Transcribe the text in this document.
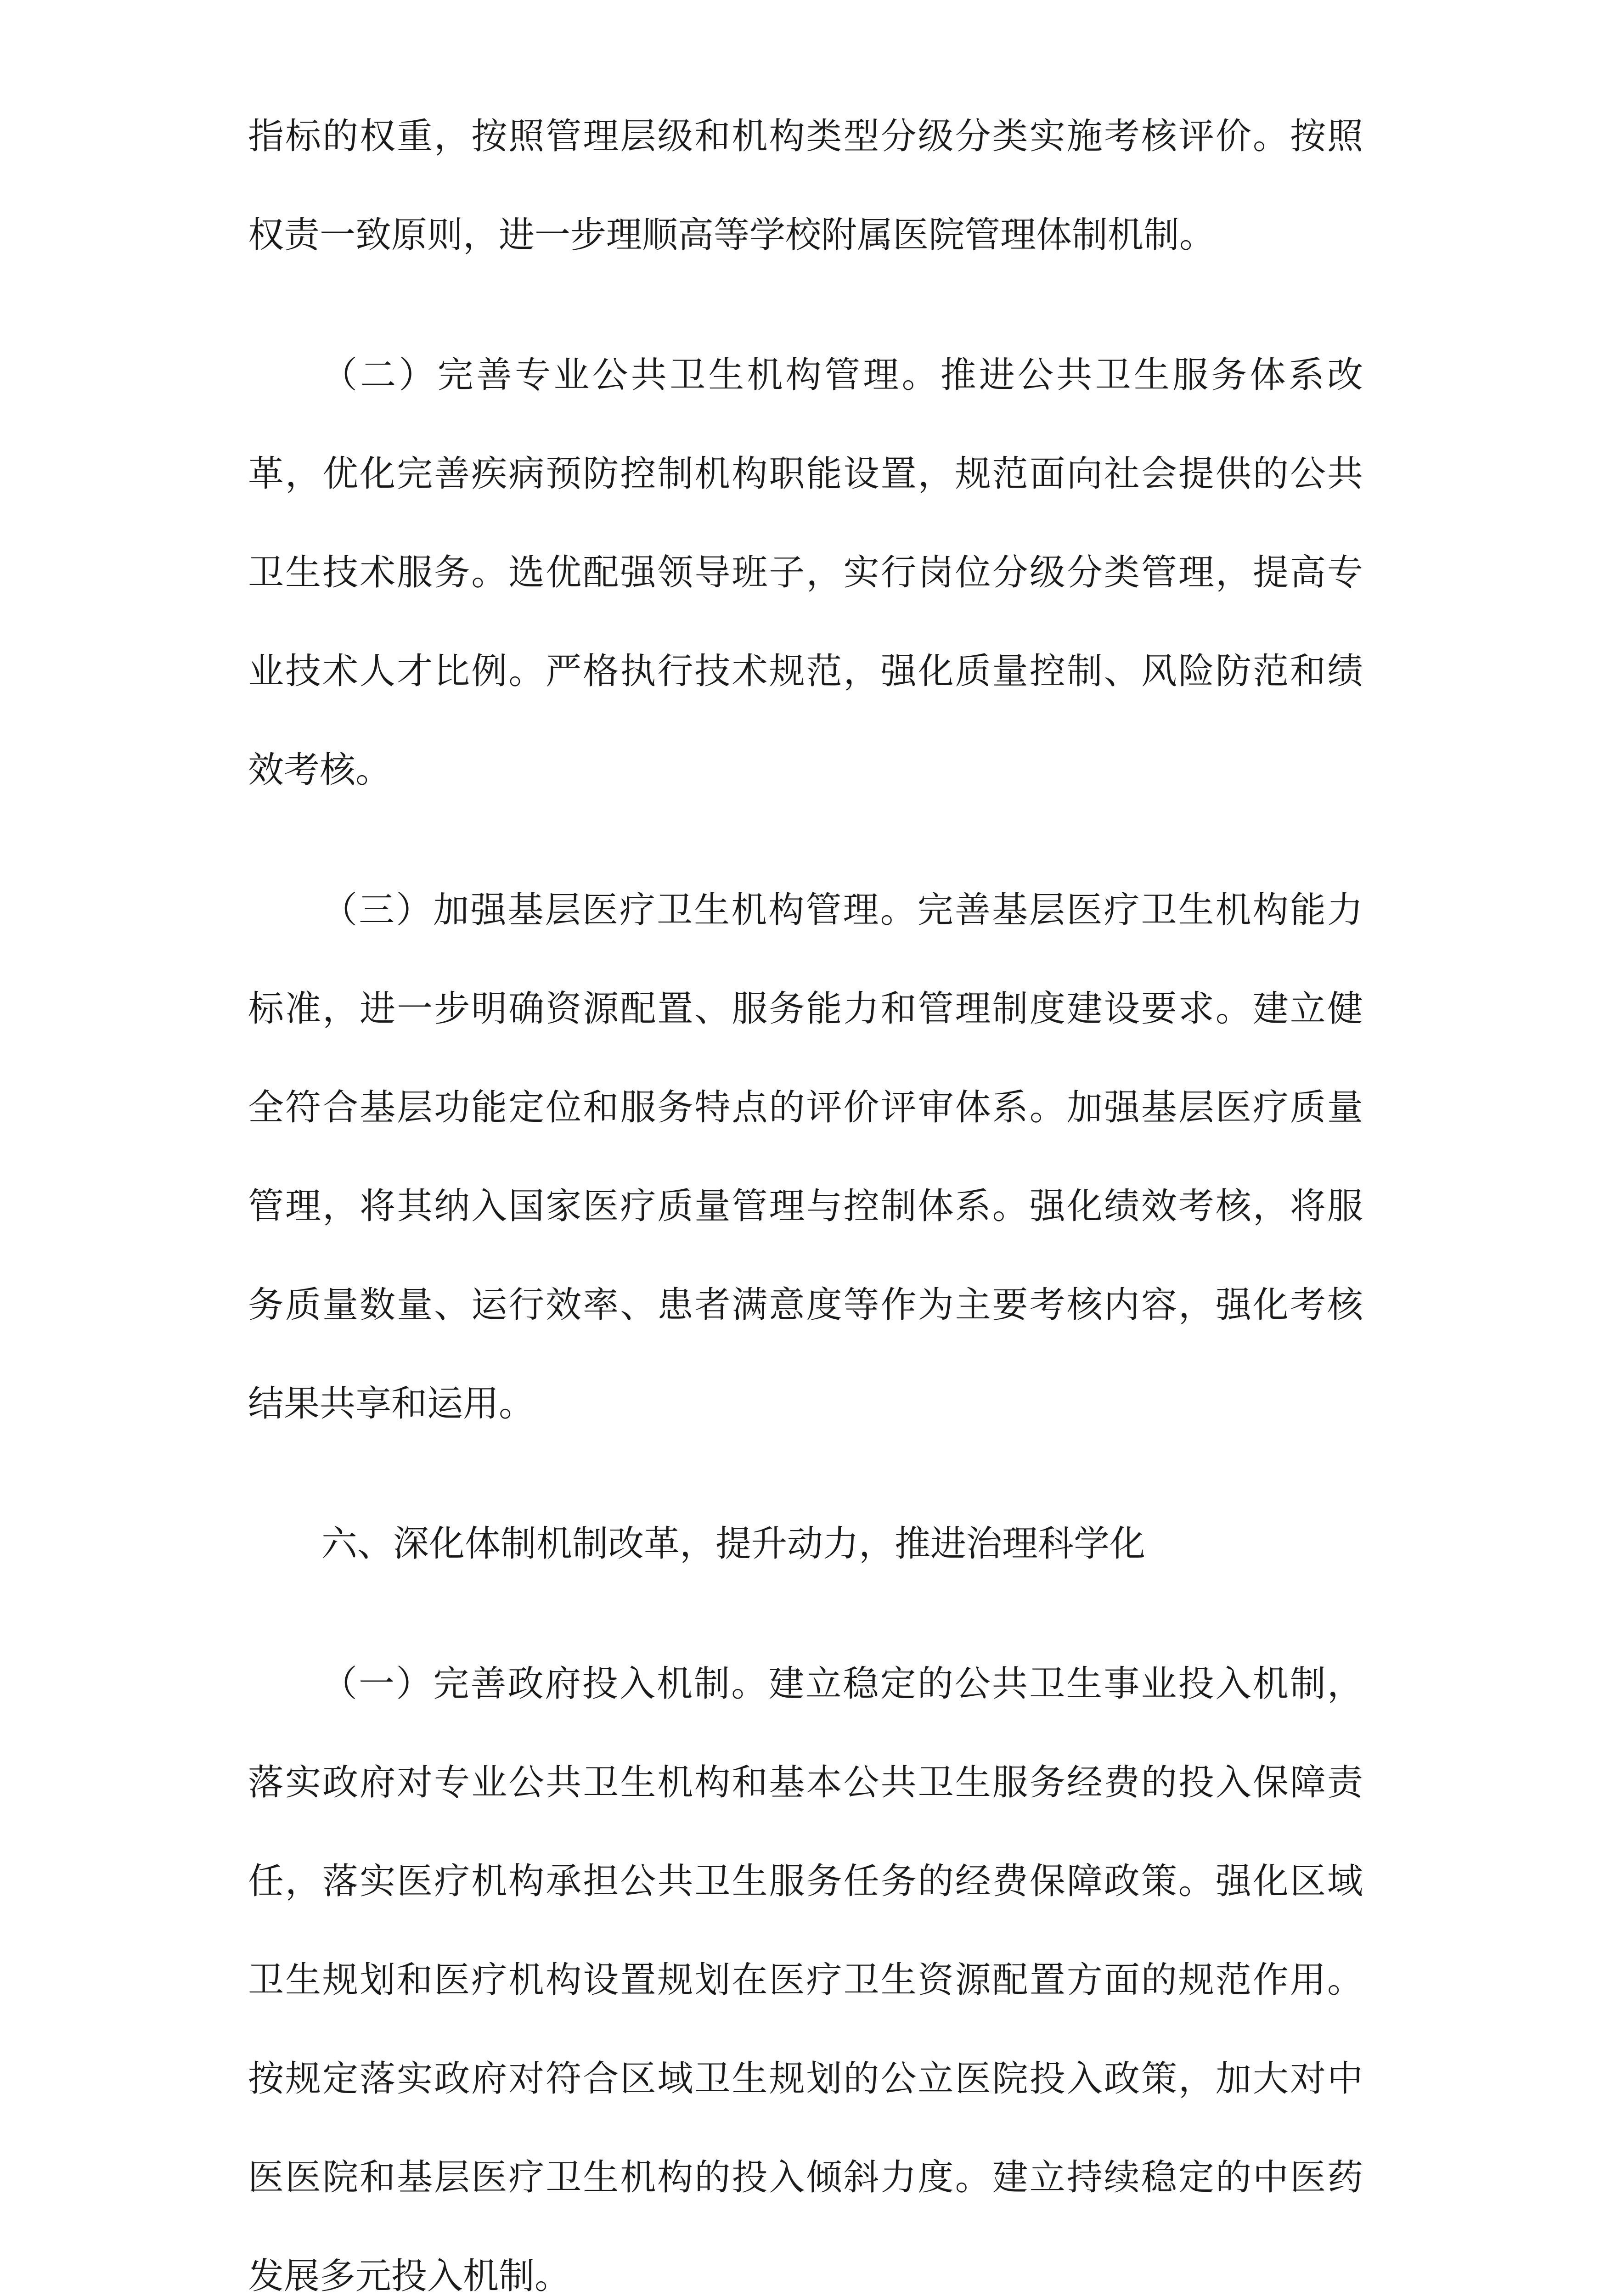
指标的权重，按照管理层级和机构类型分级分类实施考核评价。按照
权责一致原则，进一步理顺高等学校附属医院管理体制机制。
（二）完善专业公共卫生机构管理。推进公共卫生服务体系改
革，优化完善疾病预防控制机构职能设置，规范面向社会提供的公共
卫生技术服务。选优配强领导班子，实行岗位分级分类管理，提高专
业技术人才比例。严格执行技术规范，强化质量控制、风险防范和绩
效考核。
（三）加强基层医疗卫生机构管理。完善基层医疗卫生机构能力
标准，进一步明确资源配置、服务能力和管理制度建设要求。建立健
全符合基层功能定位和服务特点的评价评审体系。加强基层医疗质量
管理，将其纳入国家医疗质量管理与控制体系。强化绩效考核，将服
务质量数量、运行效率、患者满意度等作为主要考核内容，强化考核
结果共享和运用。
六、深化体制机制改革，提升动力，推进治理科学化
（一）完善政府投入机制。建立稳定的公共卫生事业投入机制，
落实政府对专业公共卫生机构和基本公共卫生服务经费的投入保障责
任，落实医疗机构承担公共卫生服务任务的经费保障政策。强化区域
卫生规划和医疗机构设置规划在医疗卫生资源配置方面的规范作用。
按规定落实政府对符合区域卫生规划的公立医院投入政策，加大对中
医医院和基层医疗卫生机构的投入倾斜力度。建立持续稳定的中医药
发展多元投入机制。
